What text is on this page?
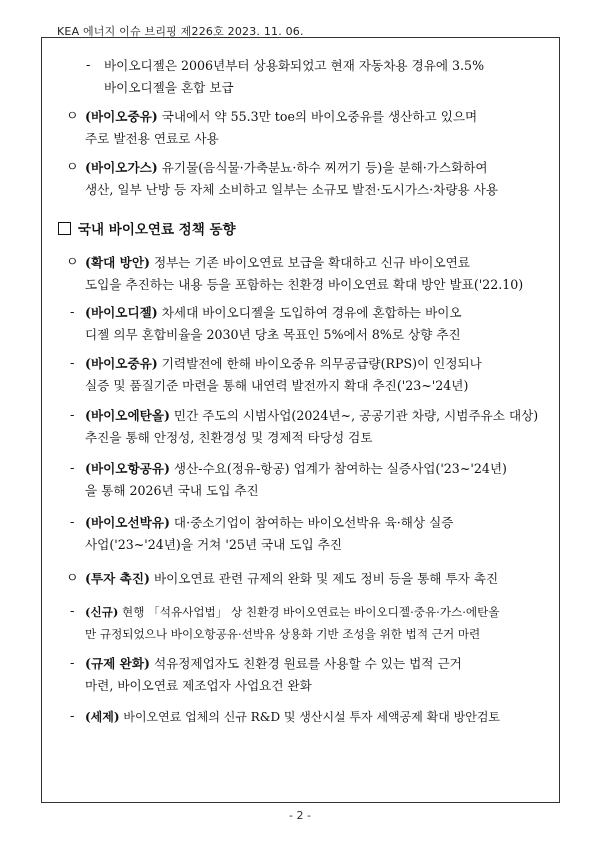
KEA 에너지 이슈 브리핑 제226호 2023. 11. 06.
- 바이오디젤은 2006년부터 상용화되었고 현재 자동차용 경유에 3.5%
바이오디젤을 혼합 보급
ㅇ (바이오중유) 국내에서 약 55.3만 toe의 바이오중유를 생산하고 있으며
주로 발전용 연료로 사용
ㅇ (바이오가스) 유기물(음식물·가축분뇨·하수 찌꺼기 등)을 분해·가스화하여
생산, 일부 난방 등 자체 소비하고 일부는 소규모 발전·도시가스·차량용 사용
국내 바이오연료 정책 동향
ㅇ (확대 방안) 정부는 기존 바이오연료 보급을 확대하고 신규 바이오연료
도입을 추진하는 내용 등을 포함하는 친환경 바이오연료 확대 방안 발표('22.10)
- (바이오디젤) 차세대 바이오디젤을 도입하여 경유에 혼합하는 바이오
디젤 의무 혼합비율을 2030년 당초 목표인 5%에서 8%로 상향 추진
- (바이오중유) 기력발전에 한해 바이오중유 의무공급량(RPS)이 인정되나
실증 및 품질기준 마련을 통해 내연력 발전까지 확대 추진('23~'24년)
- (바이오에탄올) 민간 주도의 시범사업(2024년~, 공공기관 차량, 시범주유소 대상)
추진을 통해 안정성, 친환경성 및 경제적 타당성 검토
- (바이오항공유) 생산-수요(정유-항공) 업계가 참여하는 실증사업('23~'24년)
을 통해 2026년 국내 도입 추진
- (바이오선박유) 대·중소기업이 참여하는 바이오선박유 육·해상 실증
사업('23~'24년)을 거쳐 '25년 국내 도입 추진
ㅇ (투자 촉진) 바이오연료 관련 규제의 완화 및 제도 정비 등을 통해 투자 촉진
- (신규) 현행 「석유사업법」 상 친환경 바이오연료는 바이오디젤·중유·가스·에탄올
만 규정되었으나 바이오항공유·선박유 상용화 기반 조성을 위한 법적 근거 마련
- (규제 완화) 석유정제업자도 친환경 원료를 사용할 수 있는 법적 근거
마련, 바이오연료 제조업자 사업요건 완화
- (세제) 바이오연료 업체의 신규 R&D 및 생산시설 투자 세액공제 확대 방안검토
- 2 -
